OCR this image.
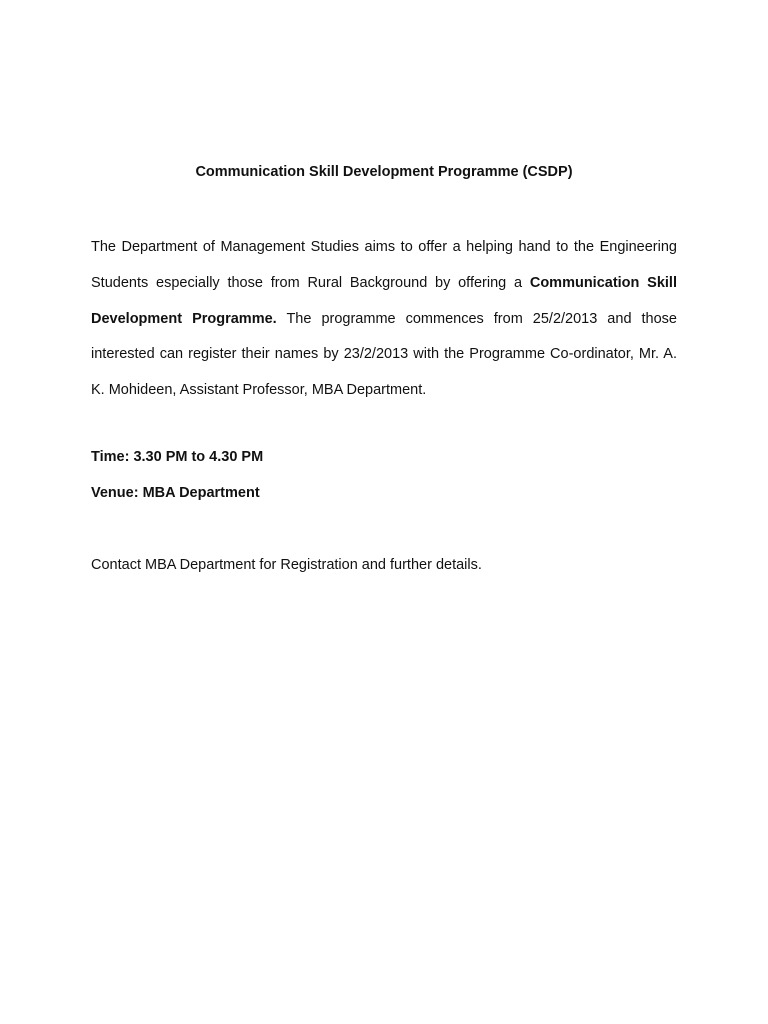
Communication Skill Development Programme (CSDP)

The Department of Management Studies aims to offer a helping hand to the Engineering Students especially those from Rural Background by offering a Communication Skill Development Programme. The programme commences from 25/2/2013 and those interested can register their names by 23/2/2013 with the Programme Co-ordinator, Mr. A. K. Mohideen, Assistant Professor, MBA Department.

Time: 3.30 PM to 4.30 PM

Venue: MBA Department

Contact MBA Department for Registration and further details.
